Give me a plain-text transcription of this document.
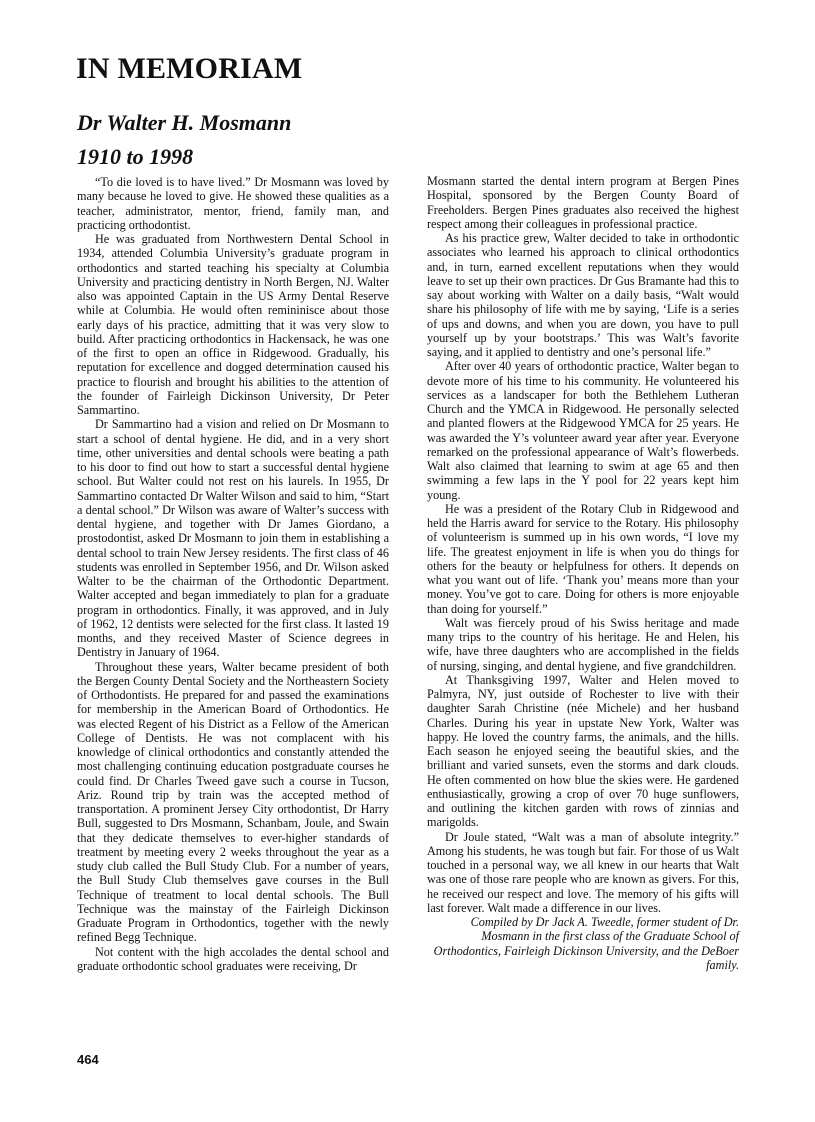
IN MEMORIAM
Dr Walter H. Mosmann
1910 to 1998

“To die loved is to have lived.” Dr Mosmann was loved by many because he loved to give. He showed these qualities as a teacher, administrator, mentor, friend, family man, and practicing orthodontist.

He was graduated from Northwestern Dental School in 1934, attended Columbia University’s graduate program in orthodontics and started teaching his specialty at Columbia University and practicing dentistry in North Bergen, NJ. Walter also was appointed Captain in the US Army Dental Reserve while at Columbia. He would often remininisce about those early days of his practice, admitting that it was very slow to build. After practicing orthodontics in Hackensack, he was one of the first to open an office in Ridgewood. Gradually, his reputation for excellence and dogged determination caused his practice to flourish and brought his abilities to the attention of the founder of Fairleigh Dickinson University, Dr Peter Sammartino.

Dr Sammartino had a vision and relied on Dr Mosmann to start a school of dental hygiene. He did, and in a very short time, other universities and dental schools were beating a path to his door to find out how to start a successful dental hygiene school. But Walter could not rest on his laurels. In 1955, Dr Sammartino contacted Dr Walter Wilson and said to him, “Start a dental school.” Dr Wilson was aware of Walter’s success with dental hygiene, and together with Dr James Giordano, a prostodontist, asked Dr Mosmann to join them in establishing a dental school to train New Jersey residents. The first class of 46 students was enrolled in September 1956, and Dr. Wilson asked Walter to be the chairman of the Orthodontic Department. Walter accepted and began immediately to plan for a graduate program in orthodontics. Finally, it was approved, and in July of 1962, 12 dentists were selected for the first class. It lasted 19 months, and they received Master of Science degrees in Dentistry in January of 1964.

Throughout these years, Walter became president of both the Bergen County Dental Society and the Northeastern Society of Orthodontists. He prepared for and passed the examinations for membership in the American Board of Orthodontics. He was elected Regent of his District as a Fellow of the American College of Dentists. He was not complacent with his knowledge of clinical orthodontics and constantly attended the most challenging continuing education postgraduate courses he could find. Dr Charles Tweed gave such a course in Tucson, Ariz. Round trip by train was the accepted method of transportation. A prominent Jersey City orthodontist, Dr Harry Bull, suggested to Drs Mosmann, Schanbam, Joule, and Swain that they dedicate themselves to ever-higher standards of treatment by meeting every 2 weeks throughout the year as a study club called the Bull Study Club. For a number of years, the Bull Study Club themselves gave courses in the Bull Technique of treatment to local dental schools. The Bull Technique was the mainstay of the Fairleigh Dickinson Graduate Program in Orthodontics, together with the newly refined Begg Technique.

Not content with the high accolades the dental school and graduate orthodontic school graduates were receiving, Dr

Mosmann started the dental intern program at Bergen Pines Hospital, sponsored by the Bergen County Board of Freeholders. Bergen Pines graduates also received the highest respect among their colleagues in professional practice.

As his practice grew, Walter decided to take in orthodontic associates who learned his approach to clinical orthodontics and, in turn, earned excellent reputations when they would leave to set up their own practices. Dr Gus Bramante had this to say about working with Walter on a daily basis, “Walt would share his philosophy of life with me by saying, ‘Life is a series of ups and downs, and when you are down, you have to pull yourself up by your bootstraps.’ This was Walt’s favorite saying, and it applied to dentistry and one’s personal life.”

After over 40 years of orthodontic practice, Walter began to devote more of his time to his community. He volunteered his services as a landscaper for both the Bethlehem Lutheran Church and the YMCA in Ridgewood. He personally selected and planted flowers at the Ridgewood YMCA for 25 years. He was awarded the Y’s volunteer award year after year. Everyone remarked on the professional appearance of Walt’s flowerbeds. Walt also claimed that learning to swim at age 65 and then swimming a few laps in the Y pool for 22 years kept him young.

He was a president of the Rotary Club in Ridgewood and held the Harris award for service to the Rotary. His philosophy of volunteerism is summed up in his own words, “I love my life. The greatest enjoyment in life is when you do things for others for the beauty or helpfulness for others. It depends on what you want out of life. ‘Thank you’ means more than your money. You’ve got to care. Doing for others is more enjoyable than doing for yourself.”

Walt was fiercely proud of his Swiss heritage and made many trips to the country of his heritage. He and Helen, his wife, have three daughters who are accomplished in the fields of nursing, singing, and dental hygiene, and five grandchildren.

At Thanksgiving 1997, Walter and Helen moved to Palmyra, NY, just outside of Rochester to live with their daughter Sarah Christine (née Michele) and her husband Charles. During his year in upstate New York, Walter was happy. He loved the country farms, the animals, and the hills. Each season he enjoyed seeing the beautiful skies, and the brilliant and varied sunsets, even the storms and dark clouds. He often commented on how blue the skies were. He gardened enthusiastically, growing a crop of over 70 huge sunflowers, and outlining the kitchen garden with rows of zinnias and marigolds.

Dr Joule stated, “Walt was a man of absolute integrity.” Among his students, he was tough but fair. For those of us Walt touched in a personal way, we all knew in our hearts that Walt was one of those rare people who are known as givers. For this, he received our respect and love. The memory of his gifts will last forever. Walt made a difference in our lives.

Compiled by Dr Jack A. Tweedle, former student of Dr. Mosmann in the first class of the Graduate School of Orthodontics, Fairleigh Dickinson University, and the DeBoer family.

464
